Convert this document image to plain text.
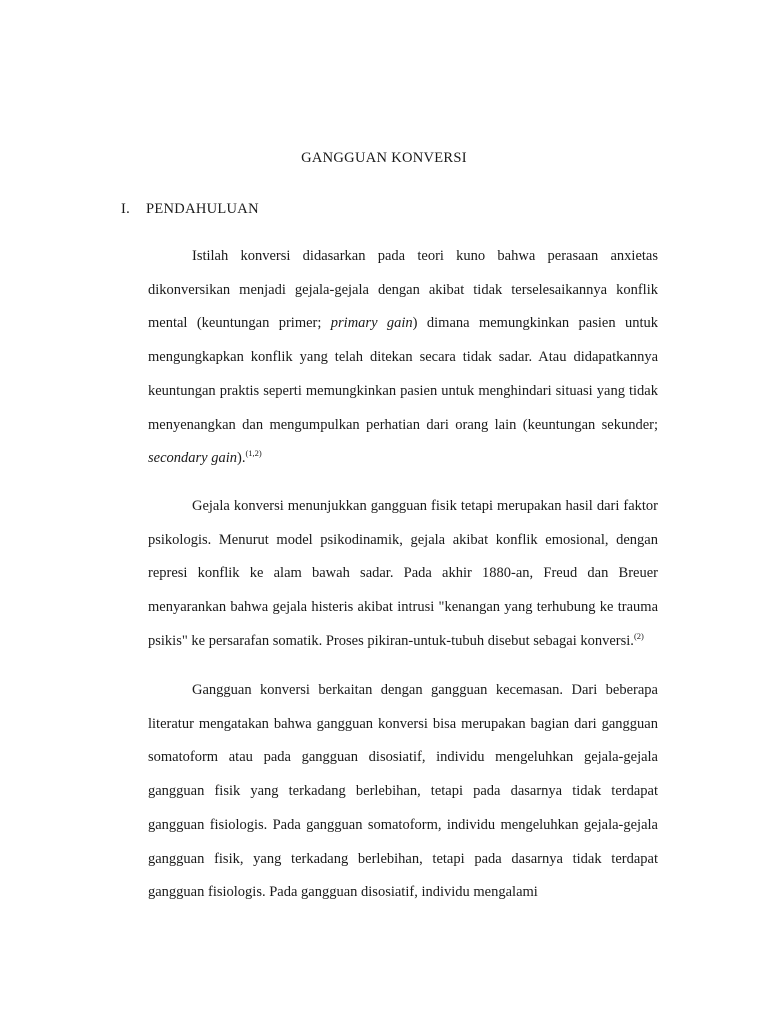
GANGGUAN KONVERSI
I. PENDAHULUAN

Istilah konversi didasarkan pada teori kuno bahwa perasaan anxietas dikonversikan menjadi gejala-gejala dengan akibat tidak terselesaikannya konflik mental (keuntungan primer; primary gain) dimana memungkinkan pasien untuk mengungkapkan konflik yang telah ditekan secara tidak sadar. Atau didapatkannya keuntungan praktis seperti memungkinkan pasien untuk menghindari situasi yang tidak menyenangkan dan mengumpulkan perhatian dari orang lain (keuntungan sekunder; secondary gain).$^{(1,2)}$

Gejala konversi menunjukkan gangguan fisik tetapi merupakan hasil dari faktor psikologis. Menurut model psikodinamik, gejala akibat konflik emosional, dengan represi konflik ke alam bawah sadar. Pada akhir 1880-an, Freud dan Breuer menyarankan bahwa gejala histeris akibat intrusi "kenangan yang terhubung ke trauma psikis" ke persarafan somatik. Proses pikiran-untuk-tubuh disebut sebagai konversi.$^{(2)}$

Gangguan konversi berkaitan dengan gangguan kecemasan. Dari beberapa literatur mengatakan bahwa gangguan konversi bisa merupakan bagian dari gangguan somatoform atau pada gangguan disosiatif, individu mengeluhkan gejala-gejala gangguan fisik yang terkadang berlebihan, tetapi pada dasarnya tidak terdapat gangguan fisiologis. Pada gangguan somatoform, individu mengeluhkan gejala-gejala gangguan fisik, yang terkadang berlebihan, tetapi pada dasarnya tidak terdapat gangguan fisiologis. Pada gangguan disosiatif, individu mengalami
